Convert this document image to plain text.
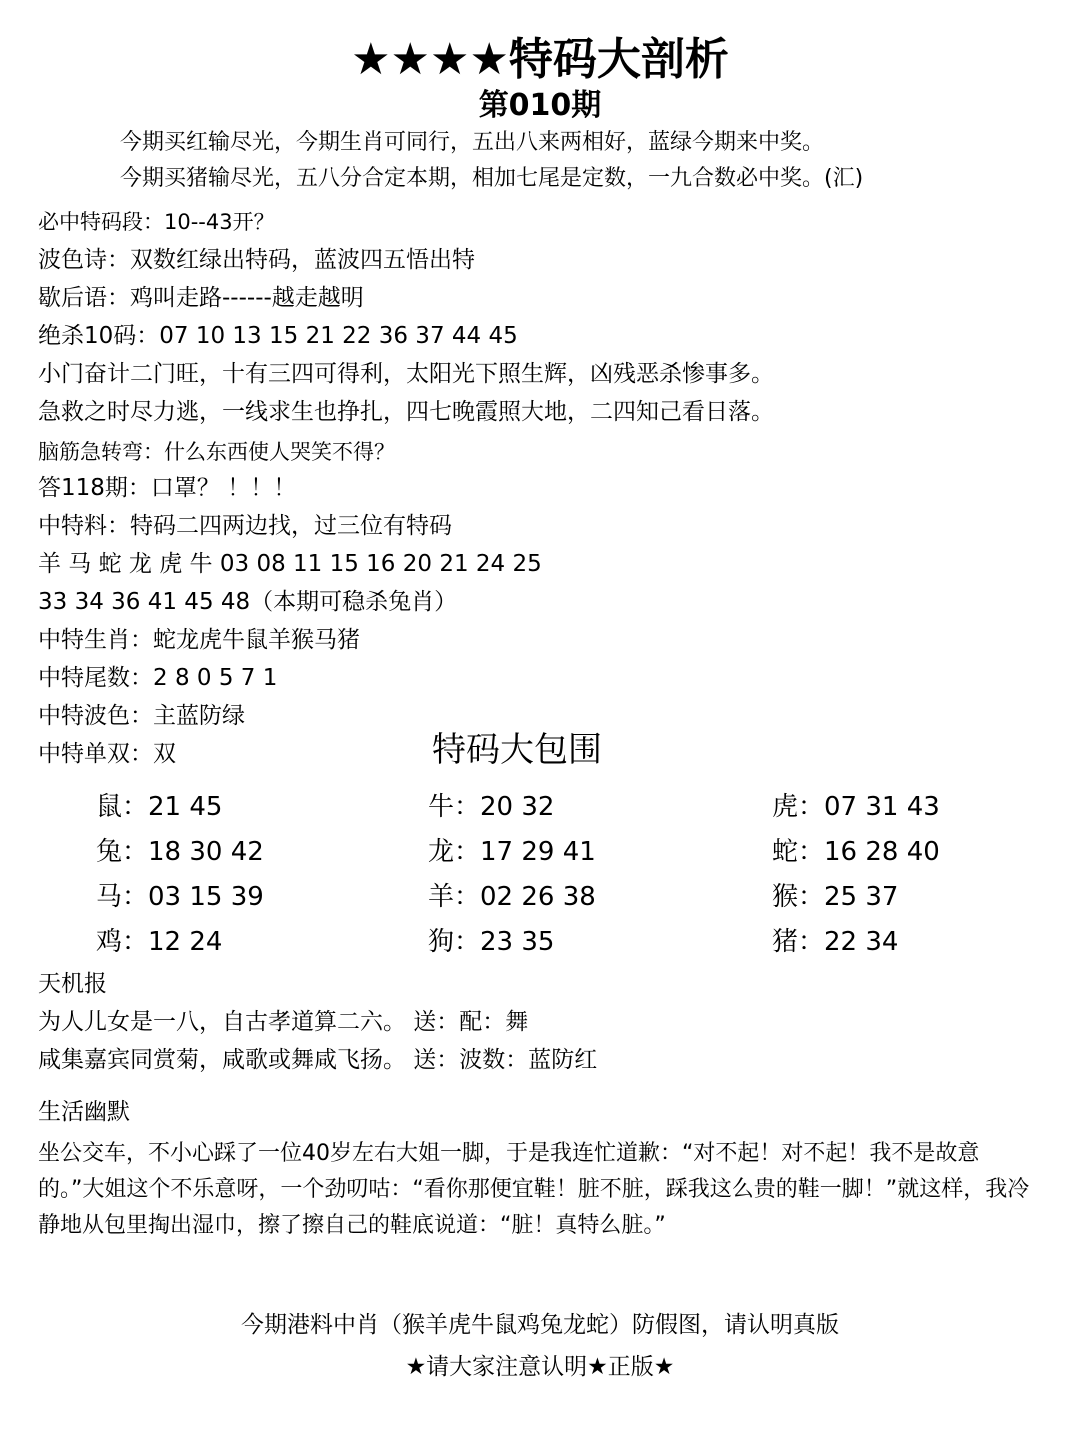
★★★★特码大剖析
第010期
今期买红输尽光，今期生肖可同行，五出八来两相好，蓝绿今期来中奖。
今期买猪输尽光，五八分合定本期，相加七尾是定数，一九合数必中奖。(汇)
必中特码段：10--43开？
波色诗：双数红绿出特码，蓝波四五悟出特
歇后语：鸡叫走路------越走越明
绝杀10码：07 10 13 15 21 22 36 37 44 45
小门奋计二门旺，十有三四可得利，太阳光下照生辉，凶残恶杀惨事多。
急救之时尽力逃，一线求生也挣扎，四七晚霞照大地，二四知己看日落。
脑筋急转弯：什么东西使人哭笑不得？
答118期：口罩？ ！！！
中特料：特码二四两边找，过三位有特码
羊 马 蛇 龙 虎 牛 03 08 11 15 16 20 21 24 25
33 34 36 41 45 48（本期可稳杀兔肖）
中特生肖：蛇龙虎牛鼠羊猴马猪
中特尾数：2 8 0 5 7 1
中特波色：主蓝防绿
中特单双：双	特码大包围
鼠：21 45	牛：20 32	虎：07 31 43
兔：18 30 42	龙：17 29 41	蛇：16 28 40
马：03 15 39	羊：02 26 38	猴：25 37
鸡：12 24	狗：23 35	猪：22 34
天机报
为人儿女是一八，自古孝道算二六。 送：配：舞
咸集嘉宾同赏菊，咸歌或舞咸飞扬。 送：波数：蓝防红
生活幽默
坐公交车，不小心踩了一位40岁左右大姐一脚，于是我连忙道歉：“对不起！对不起！我不是故意的。”大姐这个不乐意呀，一个劲叨咕：“看你那便宜鞋！脏不脏，踩我这么贵的鞋一脚！”就这样，我冷静地从包里掏出湿巾，擦了擦自己的鞋底说道：“脏！真特么脏。”
今期港料中肖（猴羊虎牛鼠鸡兔龙蛇）防假图，请认明真版
★请大家注意认明★正版★
